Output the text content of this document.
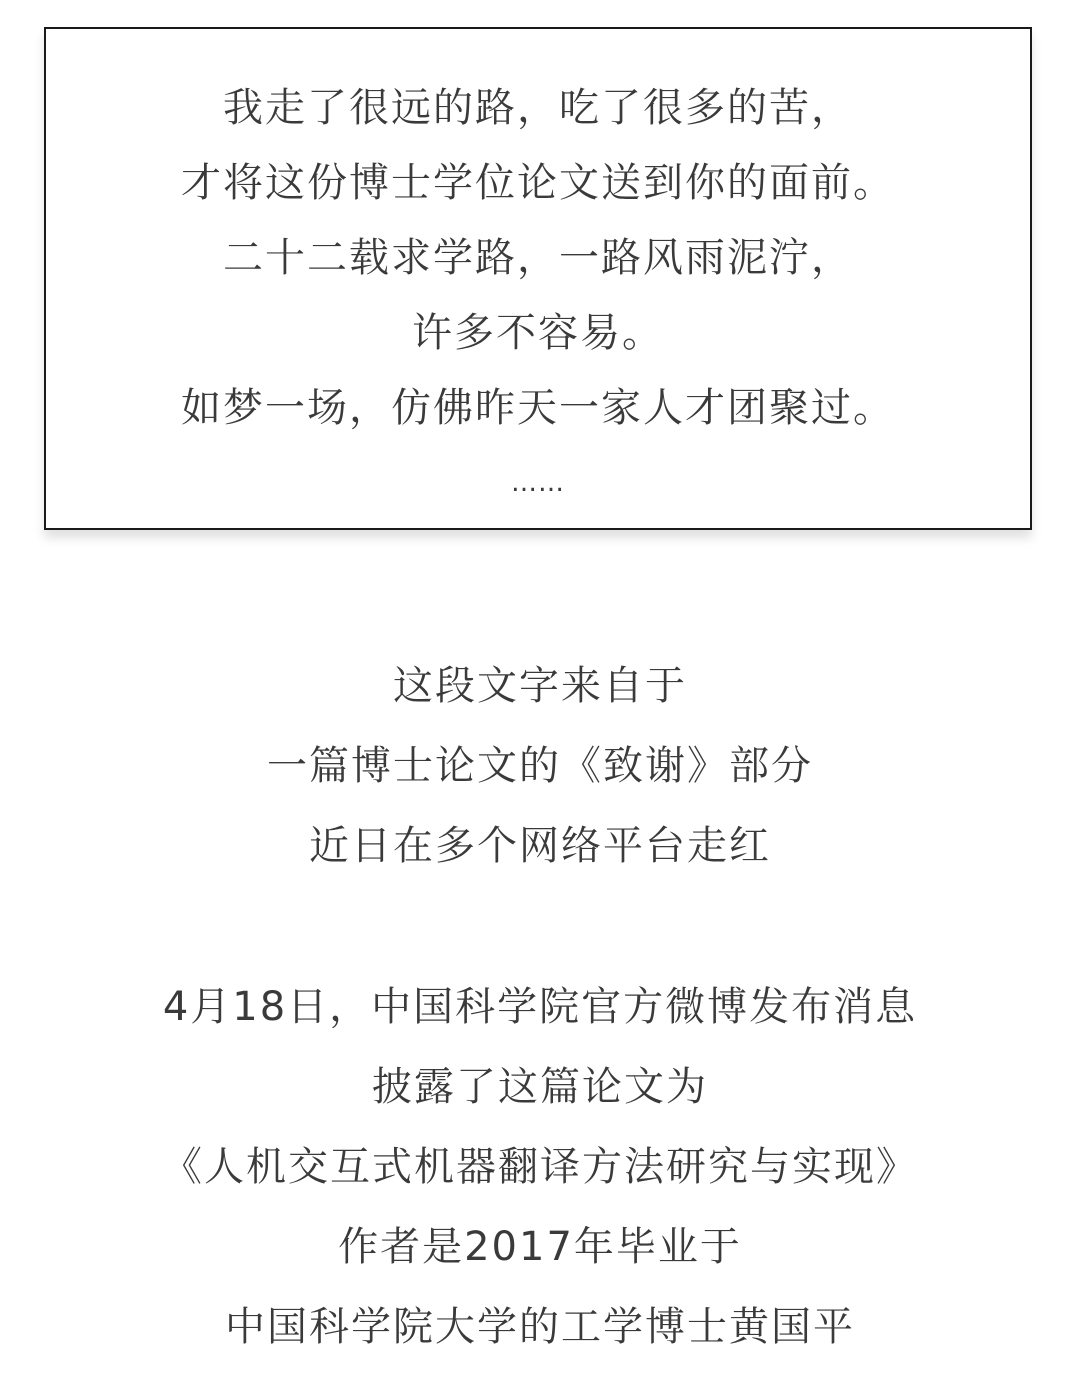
我走了很远的路，吃了很多的苦，
才将这份博士学位论文送到你的面前。
二十二载求学路，一路风雨泥泞，
许多不容易。
如梦一场，仿佛昨天一家人才团聚过。
……
这段文字来自于
一篇博士论文的《致谢》部分
近日在多个网络平台走红
4月18日，中国科学院官方微博发布消息
披露了这篇论文为
《人机交互式机器翻译方法研究与实现》
作者是2017年毕业于
中国科学院大学的工学博士黄国平
